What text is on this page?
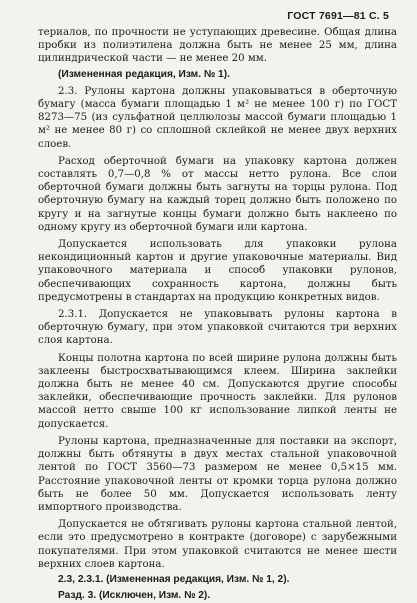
ГОСТ 7691—81 С. 5

териалов, по прочности не уступающих древесине. Общая длина пробки из полиэтилена должна быть не менее 25 мм, длина цилиндрической части — не менее 20 мм.

(Измененная редакция, Изм. № 1).

2.3. Рулоны картона должны упаковываться в оберточную бумагу (масса бумаги площадью 1 м² не менее 100 г) по ГОСТ 8273—75 (из сульфатной целлюлозы массой бумаги площадью 1 м² не менее 80 г) со сплошной склейкой не менее двух верхних слоев.

Расход оберточной бумаги на упаковку картона должен составлять 0,7—0,8 % от массы нетто рулона. Все слои оберточной бумаги должны быть загнуты на торцы рулона. Под оберточную бумагу на каждый торец должно быть положено по кругу и на загнутые концы бумаги должно быть наклеено по одному кругу из оберточной бумаги или картона.

Допускается использовать для упаковки рулона некондиционный картон и другие упаковочные материалы. Вид упаковочного материала и способ упаковки рулонов, обеспечивающих сохранность картона, должны быть предусмотрены в стандартах на продукцию конкретных видов.

2.3.1. Допускается не упаковывать рулоны картона в оберточную бумагу, при этом упаковкой считаются три верхних слоя картона.

Концы полотна картона по всей ширине рулона должны быть заклеены быстросхватывающимся клеем. Ширина заклейки должна быть не менее 40 см. Допускаются другие способы заклейки, обеспечивающие прочность заклейки. Для рулонов массой нетто свыше 100 кг использование липкой ленты не допускается.

Рулоны картона, предназначенные для поставки на экспорт, должны быть обтянуты в двух местах стальной упаковочной лентой по ГОСТ 3560—73 размером не менее 0,5×15 мм. Расстояние упаковочной ленты от кромки торца рулона должно быть не более 50 мм. Допускается использовать ленту импортного производства.

Допускается не обтягивать рулоны картона стальной лентой, если это предусмотрено в контракте (договоре) с зарубежными покупателями. При этом упаковкой считаются не менее шести верхних слоев картона.

2.3, 2.3.1. (Измененная редакция, Изм. № 1, 2).

Разд. 3. (Исключен, Изм. № 2).
